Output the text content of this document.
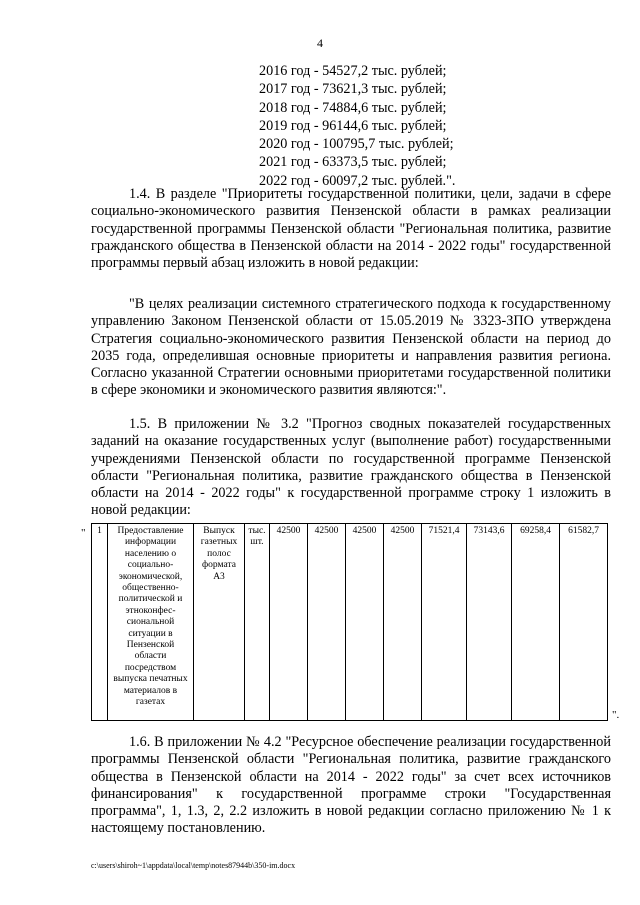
4
2016 год - 54527,2 тыс. рублей;
2017 год - 73621,3 тыс. рублей;
2018 год - 74884,6 тыс. рублей;
2019 год - 96144,6 тыс. рублей;
2020 год - 100795,7 тыс. рублей;
2021 год - 63373,5 тыс. рублей;
2022 год - 60097,2 тыс. рублей.".

1.4. В разделе "Приоритеты государственной политики, цели, задачи в сфере социально-экономического развития Пензенской области в рамках реализации государственной программы Пензенской области "Региональная политика, развитие гражданского общества в Пензенской области на 2014 - 2022 годы" государственной программы первый абзац изложить в новой редакции:

"В целях реализации системного стратегического подхода к государственному управлению Законом Пензенской области от 15.05.2019 № 3323-ЗПО утверждена Стратегия социально-экономического развития Пензенской области на период до 2035 года, определившая основные приоритеты и направления развития региона. Согласно указанной Стратегии основными приоритетами государственной политики в сфере экономики и экономического развития являются:".

1.5. В приложении № 3.2 "Прогноз сводных показателей государственных заданий на оказание государственных услуг (выполнение работ) государственными учреждениями Пензенской области по государственной программе Пензенской области "Региональная политика, развитие гражданского общества в Пензенской области на 2014 - 2022 годы" к государственной программе строку 1 изложить в новой редакции:

" 1	Предоставление информации населению о социально-экономической, общественно-политической и этноконфес-сиональной ситуации в Пензенской области посредством выпуска печатных материалов в газетах	Выпуск газетных полос формата А3	тыс. шт.	42500	42500	42500	42500	71521,4	73143,6	69258,4	61582,7
".

1.6. В приложении № 4.2 "Ресурсное обеспечение реализации государственной программы Пензенской области "Региональная политика, развитие гражданского общества в Пензенской области на 2014 - 2022 годы" за счет всех источников финансирования" к государственной программе строки "Государственная программа", 1, 1.3, 2, 2.2 изложить в новой редакции согласно приложению № 1 к настоящему постановлению.

c:\users\shiroh~1\appdata\local\temp\notes87944b\350-im.docx
